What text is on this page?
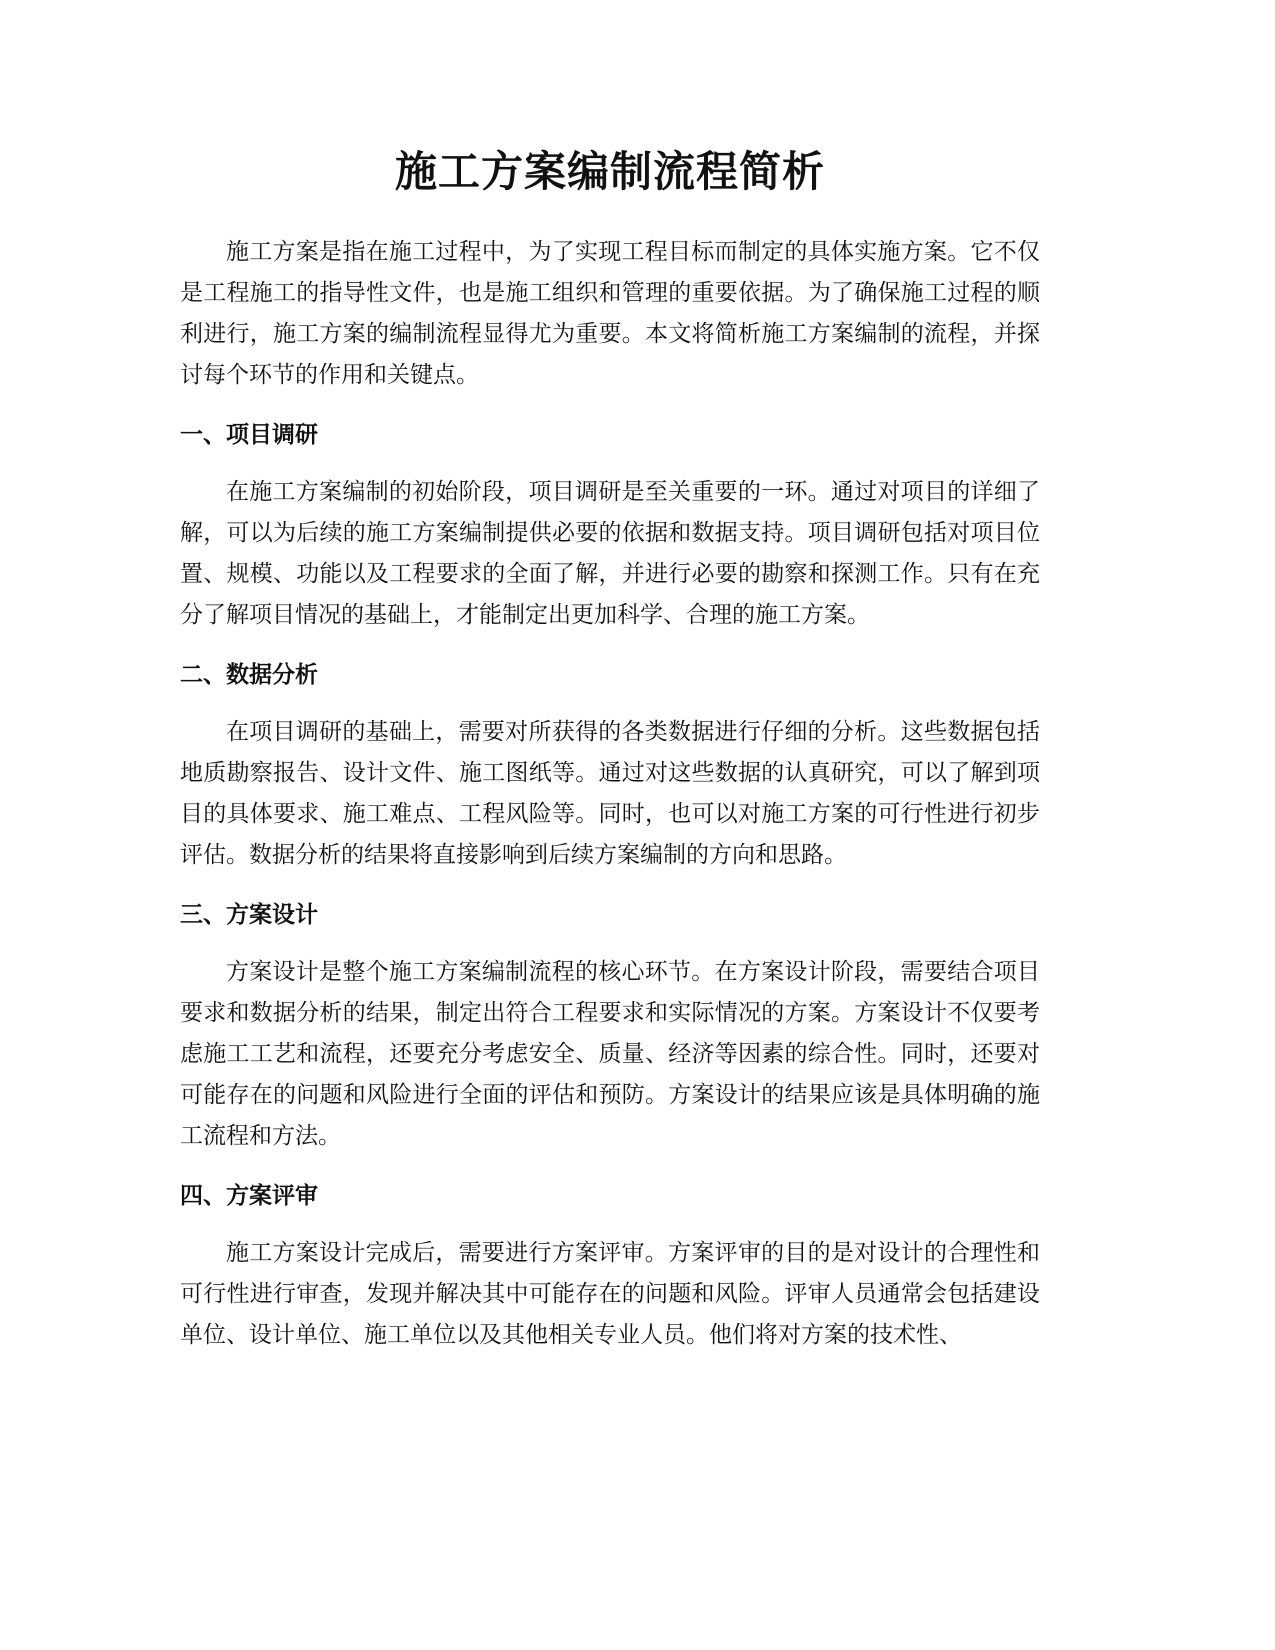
施工方案编制流程简析

施工方案是指在施工过程中，为了实现工程目标而制定的具体实施方案。它不仅是工程施工的指导性文件，也是施工组织和管理的重要依据。为了确保施工过程的顺利进行，施工方案的编制流程显得尤为重要。本文将简析施工方案编制的流程，并探讨每个环节的作用和关键点。

一、项目调研

在施工方案编制的初始阶段，项目调研是至关重要的一环。通过对项目的详细了解，可以为后续的施工方案编制提供必要的依据和数据支持。项目调研包括对项目位置、规模、功能以及工程要求的全面了解，并进行必要的勘察和探测工作。只有在充分了解项目情况的基础上，才能制定出更加科学、合理的施工方案。

二、数据分析

在项目调研的基础上，需要对所获得的各类数据进行仔细的分析。这些数据包括地质勘察报告、设计文件、施工图纸等。通过对这些数据的认真研究，可以了解到项目的具体要求、施工难点、工程风险等。同时，也可以对施工方案的可行性进行初步评估。数据分析的结果将直接影响到后续方案编制的方向和思路。

三、方案设计

方案设计是整个施工方案编制流程的核心环节。在方案设计阶段，需要结合项目要求和数据分析的结果，制定出符合工程要求和实际情况的方案。方案设计不仅要考虑施工工艺和流程，还要充分考虑安全、质量、经济等因素的综合性。同时，还要对可能存在的问题和风险进行全面的评估和预防。方案设计的结果应该是具体明确的施工流程和方法。

四、方案评审

施工方案设计完成后，需要进行方案评审。方案评审的目的是对设计的合理性和可行性进行审查，发现并解决其中可能存在的问题和风险。评审人员通常会包括建设单位、设计单位、施工单位以及其他相关专业人员。他们将对方案的技术性、
